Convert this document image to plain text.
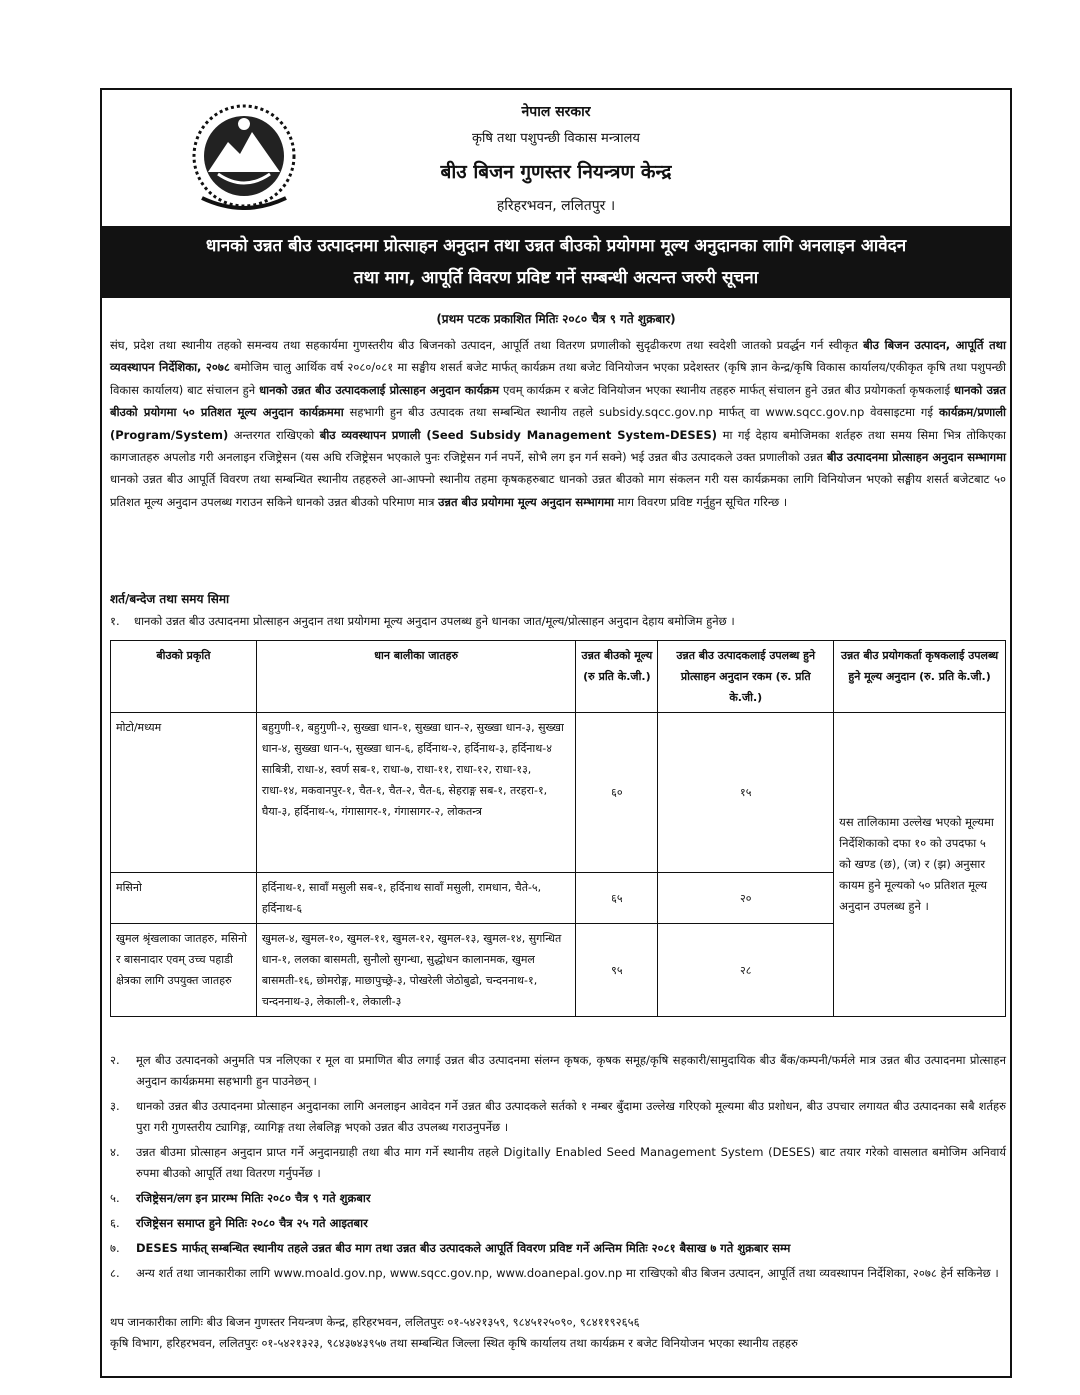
नेपाल सरकार
कृषि तथा पशुपन्छी विकास मन्त्रालय
बीउ बिजन गुणस्तर नियन्त्रण केन्द्र
हरिहरभवन, ललितपुर ।
धानको उन्नत बीउ उत्पादनमा प्रोत्साहन अनुदान तथा उन्नत बीउको प्रयोगमा मूल्य अनुदानका लागि अनलाइन आवेदन
तथा माग, आपूर्ति विवरण प्रविष्ट गर्ने सम्बन्धी अत्यन्त जरुरी सूचना
(प्रथम पटक प्रकाशित मितिः २०८० चैत्र ९ गते शुक्रबार)
संघ, प्रदेश तथा स्थानीय तहको समन्वय तथा सहकार्यमा गुणस्तरीय बीउ बिजनको उत्पादन, आपूर्ति तथा वितरण प्रणालीको सुदृढीकरण तथा स्वदेशी जातको प्रवर्द्धन गर्न स्वीकृत बीउ बिजन उत्पादन, आपूर्ति तथा व्यवस्थापन निर्देशिका, २०७८ बमोजिम चालु आर्थिक वर्ष २०८०/०८१ मा सङ्घीय शसर्त बजेट मार्फत् कार्यक्रम तथा बजेट विनियोजन भएका प्रदेशस्तर (कृषि ज्ञान केन्द्र/कृषि विकास कार्यालय/एकीकृत कृषि तथा पशुपन्छी विकास कार्यालय) बाट संचालन हुने धानको उन्नत बीउ उत्पादकलाई प्रोत्साहन अनुदान कार्यक्रम एवम् कार्यक्रम र बजेट विनियोजन भएका स्थानीय तहहरु मार्फत् संचालन हुने उन्नत बीउ प्रयोगकर्ता कृषकलाई धानको उन्नत बीउको प्रयोगमा ५० प्रतिशत मूल्य अनुदान कार्यक्रममा सहभागी हुन बीउ उत्पादक तथा सम्बन्धित स्थानीय तहले subsidy.sqcc.gov.np मार्फत् वा www.sqcc.gov.np वेवसाइटमा गई कार्यक्रम/प्रणाली (Program/System) अन्तरगत राखिएको बीउ व्यवस्थापन प्रणाली (Seed Subsidy Management System-DESES) मा गई देहाय बमोजिमका शर्तहरु तथा समय सिमा भित्र तोकिएका कागजातहरु अपलोड गरी अनलाइन रजिष्ट्रेसन (यस अघि रजिष्ट्रेसन भएकाले पुनः रजिष्ट्रेसन गर्न नपर्ने, सोभै लग इन गर्न सक्ने) भई उन्नत बीउ उत्पादकले उक्त प्रणालीको उन्नत बीउ उत्पादनमा प्रोत्साहन अनुदान सम्भागमा धानको उन्नत बीउ आपूर्ति विवरण तथा सम्बन्धित स्थानीय तहहरुले आ-आफ्नो स्थानीय तहमा कृषकहरुबाट धानको उन्नत बीउको माग संकलन गरी यस कार्यक्रमका लागि विनियोजन भएको सङ्घीय शसर्त बजेटबाट ५० प्रतिशत मूल्य अनुदान उपलब्ध गराउन सकिने धानको उन्नत बीउको परिमाण मात्र उन्नत बीउ प्रयोगमा मूल्य अनुदान सम्भागमा माग विवरण प्रविष्ट गर्नुहुन सूचित गरिन्छ ।
शर्त/बन्देज तथा समय सिमा
१. धानको उन्नत बीउ उत्पादनमा प्रोत्साहन अनुदान तथा प्रयोगमा मूल्य अनुदान उपलब्ध हुने धानका जात/मूल्य/प्रोत्साहन अनुदान देहाय बमोजिम हुनेछ ।
बीउको प्रकृति	धान बालीका जातहरु	उन्नत बीउको मूल्य (रु प्रति के.जी.)	उन्नत बीउ उत्पादकलाई उपलब्ध हुने प्रोत्साहन अनुदान रकम (रु. प्रति के.जी.)	उन्नत बीउ प्रयोगकर्ता कृषकलाई उपलब्ध हुने मूल्य अनुदान (रु. प्रति के.जी.)
मोटो/मध्यम	बहुगुणी-१, बहुगुणी-२, सुख्खा धान-१, सुख्खा धान-२, सुख्खा धान-३, सुख्खा धान-४, सुख्खा धान-५, सुख्खा धान-६, हर्दिनाथ-२, हर्दिनाथ-३, हर्दिनाथ-४ साबित्री, राधा-४, स्वर्ण सब-१, राधा-७, राधा-११, राधा-१२, राधा-१३, राधा-१४, मकवानपुर-१, चैत-१, चैत-२, चैत-६, सेहराङ्ग सब-१, तरहरा-१, घैया-३, हर्दिनाथ-५, गंगासागर-१, गंगासागर-२, लोकतन्त्र	६०	१५	यस तालिकामा उल्लेख भएको मूल्यमा निर्देशिकाको दफा १० को उपदफा ५ को खण्ड (छ), (ज) र (झ) अनुसार कायम हुने मूल्यको ५० प्रतिशत मूल्य अनुदान उपलब्ध हुने ।
मसिनो	हर्दिनाथ-१, सावाँ मसुली सब-१, हर्दिनाथ सावाँ मसुली, रामधान, चैते-५, हर्दिनाथ-६	६५	२०	
खुमल श्रृंखलाका जातहरु, मसिनो र बासनादार एवम् उच्च पहाडी क्षेत्रका लागि उपयुक्त जातहरु	खुमल-४, खुमल-१०, खुमल-११, खुमल-१२, खुमल-१३, खुमल-१४, सुगन्धित धान-१, ललका बासमती, सुनौलो सुगन्धा, सुद्धोधन कालानमक, खुमल बासमती-१६, छोमरोङ्ग, माछापुच्छ्रे-३, पोखरेली जेठोबुढो, चन्दननाथ-१, चन्दननाथ-३, लेकाली-१, लेकाली-३	९५	२८	
२.	मूल बीउ उत्पादनको अनुमति पत्र नलिएका र मूल वा प्रमाणित बीउ लगाई उन्नत बीउ उत्पादनमा संलग्न कृषक, कृषक समूह/कृषि सहकारी/सामुदायिक बीउ बैंक/कम्पनी/फर्मले मात्र उन्नत बीउ उत्पादनमा प्रोत्साहन अनुदान कार्यक्रममा सहभागी हुन पाउनेछन् ।
३.	धानको उन्नत बीउ उत्पादनमा प्रोत्साहन अनुदानका लागि अनलाइन आवेदन गर्ने उन्नत बीउ उत्पादकले सर्तको १ नम्बर बुँदामा उल्लेख गरिएको मूल्यमा बीउ प्रशोधन, बीउ उपचार लगायत बीउ उत्पादनका सबै शर्तहरु पुरा गरी गुणस्तरीय ट्यागिङ्ग, व्यागिङ्ग तथा लेबलिङ्ग भएको उन्नत बीउ उपलब्ध गराउनुपर्नेछ ।
४.	उन्नत बीउमा प्रोत्साहन अनुदान प्राप्त गर्ने अनुदानग्राही तथा बीउ माग गर्ने स्थानीय तहले Digitally Enabled Seed Management System (DESES) बाट तयार गरेको वासलात बमोजिम अनिवार्य रुपमा बीउको आपूर्ति तथा वितरण गर्नुपर्नेछ ।
५.	रजिष्ट्रेसन/लग इन प्रारम्भ मितिः २०८० चैत्र ९ गते शुक्रबार
६.	रजिष्ट्रेसन समाप्त हुने मितिः २०८० चैत्र २५ गते आइतबार
७.	DESES मार्फत् सम्बन्धित स्थानीय तहले उन्नत बीउ माग तथा उन्नत बीउ उत्पादकले आपूर्ति विवरण प्रविष्ट गर्ने अन्तिम मितिः २०८१ बैसाख ७ गते शुक्रबार सम्म
८.	अन्य शर्त तथा जानकारीका लागि www.moald.gov.np, www.sqcc.gov.np, www.doanepal.gov.np मा राखिएको बीउ बिजन उत्पादन, आपूर्ति तथा व्यवस्थापन निर्देशिका, २०७८ हेर्न सकिनेछ ।
थप जानकारीका लागिः बीउ बिजन गुणस्तर नियन्त्रण केन्द्र, हरिहरभवन, ललितपुरः ०१-५४२१३५९, ९८४५१२५०९०, ९८४११९२६५६
कृषि विभाग, हरिहरभवन, ललितपुरः ०१-५४२१३२३, ९८४३७४३९५७ तथा सम्बन्धित जिल्ला स्थित कृषि कार्यालय तथा कार्यक्रम र बजेट विनियोजन भएका स्थानीय तहहरु
